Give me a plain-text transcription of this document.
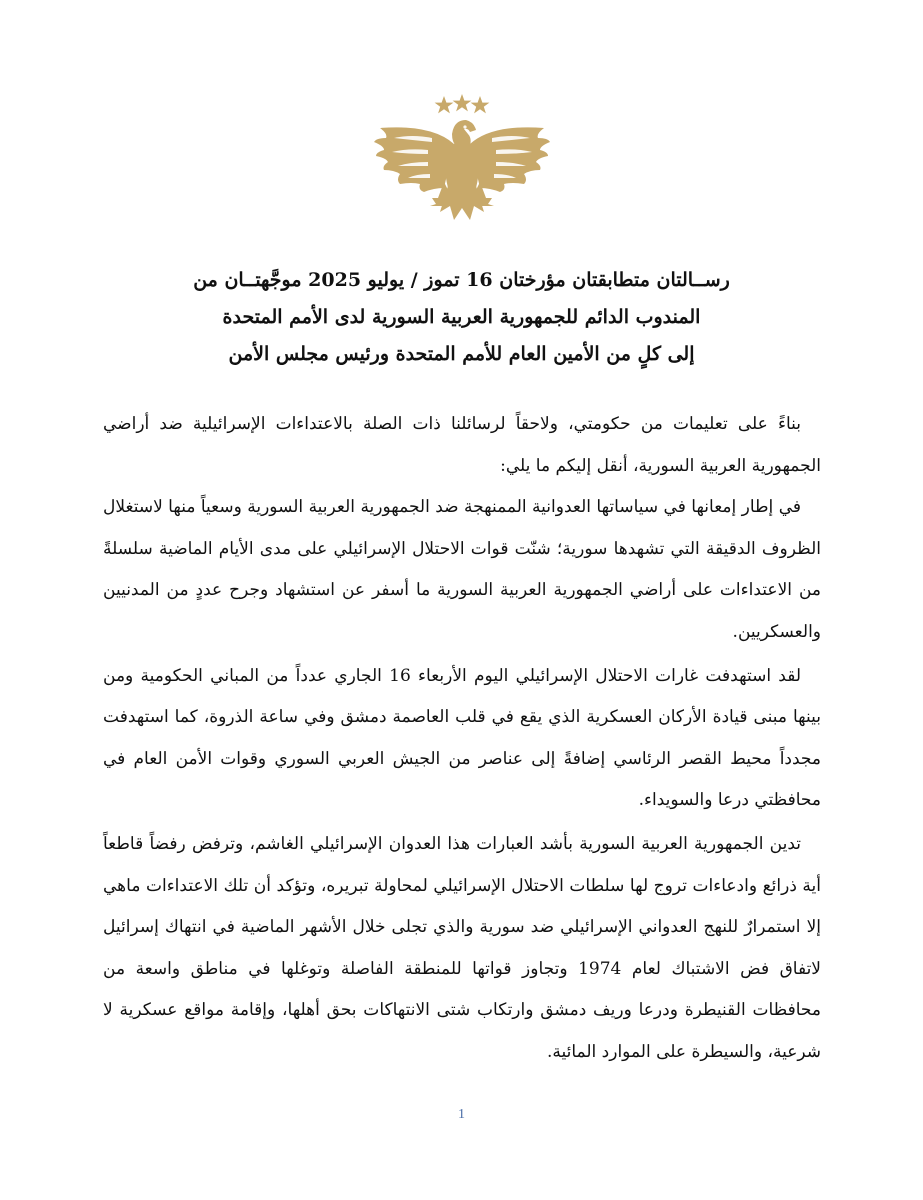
رســالتان متطابقتان مؤرختان 16 تموز / يوليو 2025 موجَّهتــان من
المندوب الدائم للجمهورية العربية السورية لدى الأمم المتحدة
إلى كلٍ من الأمين العام للأمم المتحدة ورئيس مجلس الأمن

بناءً على تعليمات من حكومتي، ولاحقاً لرسائلنا ذات الصلة بالاعتداءات الإسرائيلية ضد أراضي الجمهورية العربية السورية، أنقل إليكم ما يلي:

في إطار إمعانها في سياساتها العدوانية الممنهجة ضد الجمهورية العربية السورية وسعياً منها لاستغلال الظروف الدقيقة التي تشهدها سورية؛ شنّت قوات الاحتلال الإسرائيلي على مدى الأيام الماضية سلسلةً من الاعتداءات على أراضي الجمهورية العربية السورية ما أسفر عن استشهاد وجرح عددٍ من المدنيين والعسكريين.

لقد استهدفت غارات الاحتلال الإسرائيلي اليوم الأربعاء 16 الجاري عدداً من المباني الحكومية ومن بينها مبنى قيادة الأركان العسكرية الذي يقع في قلب العاصمة دمشق وفي ساعة الذروة، كما استهدفت مجدداً محيط القصر الرئاسي إضافةً إلى عناصر من الجيش العربي السوري وقوات الأمن العام في محافظتي درعا والسويداء.

تدين الجمهورية العربية السورية بأشد العبارات هذا العدوان الإسرائيلي الغاشم، وترفض رفضاً قاطعاً أية ذرائع وادعاءات تروج لها سلطات الاحتلال الإسرائيلي لمحاولة تبريره، وتؤكد أن تلك الاعتداءات ماهي إلا استمرارٌ للنهج العدواني الإسرائيلي ضد سورية والذي تجلى خلال الأشهر الماضية في انتهاك إسرائيل لاتفاق فض الاشتباك لعام 1974 وتجاوز قواتها للمنطقة الفاصلة وتوغلها في مناطق واسعة من محافظات القنيطرة ودرعا وريف دمشق وارتكاب شتى الانتهاكات بحق أهلها، وإقامة مواقع عسكرية لا شرعية، والسيطرة على الموارد المائية.

1
